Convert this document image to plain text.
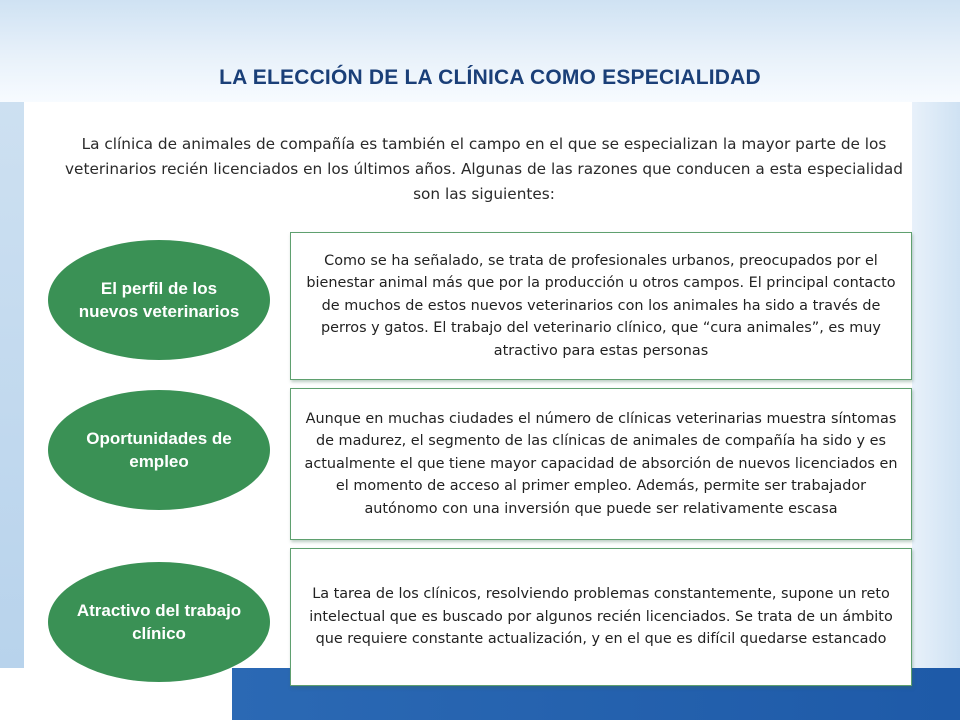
LA ELECCIÓN DE LA CLÍNICA COMO ESPECIALIDAD
La clínica de animales de compañía es también el campo en el que se especializan la mayor parte de los veterinarios recién licenciados en los últimos años. Algunas de las razones que conducen a esta especialidad son las siguientes:
El perfil de los nuevos veterinarios

Como se ha señalado, se trata de profesionales urbanos, preocupados por el bienestar animal más que por la producción u otros campos. El principal contacto de muchos de estos nuevos veterinarios con los animales ha sido a través de perros y gatos. El trabajo del veterinario clínico, que “cura animales”, es muy atractivo para estas personas

Oportunidades de empleo

Aunque en muchas ciudades el número de clínicas veterinarias muestra síntomas de madurez, el segmento de las clínicas de animales de compañía ha sido y es actualmente el que tiene mayor capacidad de absorción de nuevos licenciados en el momento de acceso al primer empleo. Además, permite ser trabajador autónomo con una inversión que puede ser relativamente escasa

Atractivo del trabajo clínico

La tarea de los clínicos, resolviendo problemas constantemente, supone un reto intelectual que es buscado por algunos recién licenciados. Se trata de un ámbito que requiere constante actualización, y en el que es difícil quedarse estancado
